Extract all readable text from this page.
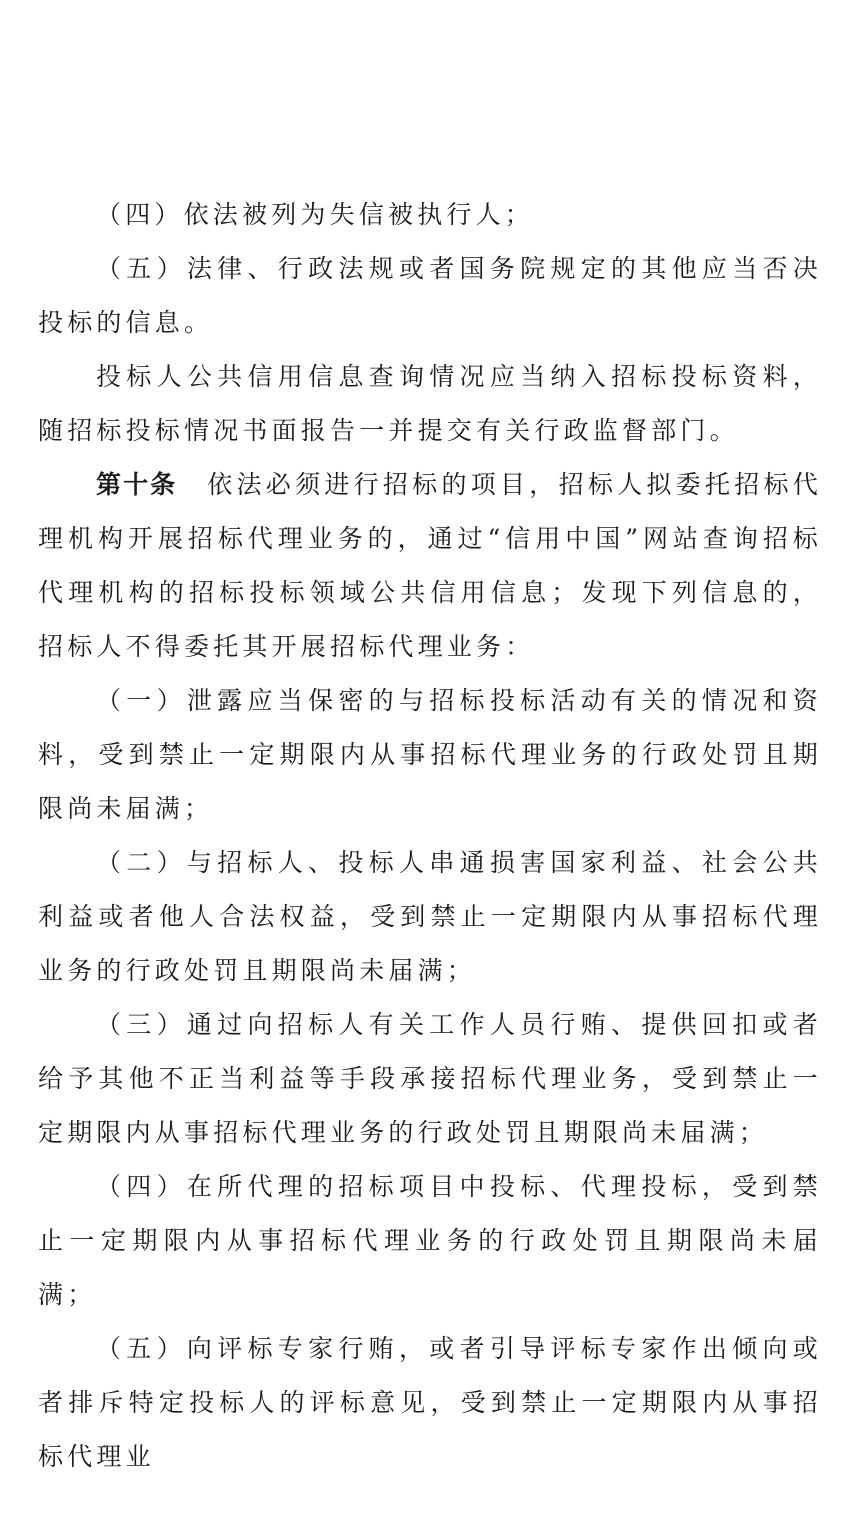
（四）依法被列为失信被执行人；

（五）法律、行政法规或者国务院规定的其他应当否决投标的信息。

投标人公共信用信息查询情况应当纳入招标投标资料，随招标投标情况书面报告一并提交有关行政监督部门。

第十条 依法必须进行招标的项目，招标人拟委托招标代理机构开展招标代理业务的，通过“信用中国”网站查询招标代理机构的招标投标领域公共信用信息；发现下列信息的，招标人不得委托其开展招标代理业务：

（一）泄露应当保密的与招标投标活动有关的情况和资料，受到禁止一定期限内从事招标代理业务的行政处罚且期限尚未届满；

（二）与招标人、投标人串通损害国家利益、社会公共利益或者他人合法权益，受到禁止一定期限内从事招标代理业务的行政处罚且期限尚未届满；

（三）通过向招标人有关工作人员行贿、提供回扣或者给予其他不正当利益等手段承接招标代理业务，受到禁止一定期限内从事招标代理业务的行政处罚且期限尚未届满；

（四）在所代理的招标项目中投标、代理投标，受到禁止一定期限内从事招标代理业务的行政处罚且期限尚未届满；

（五）向评标专家行贿，或者引导评标专家作出倾向或者排斥特定投标人的评标意见，受到禁止一定期限内从事招标代理业
